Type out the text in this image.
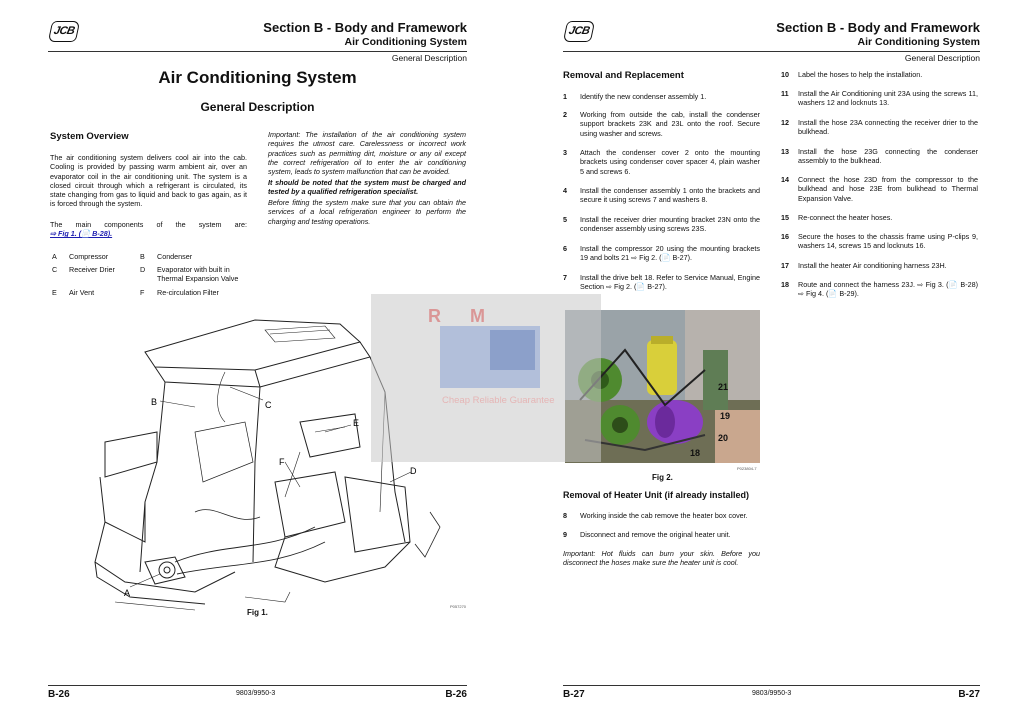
JCB	Section B - Body and Framework
Air Conditioning System
General Description
Air Conditioning System
General Description
System Overview
The air conditioning system delivers cool air into the cab. Cooling is provided by passing warm ambient air, over an evaporator coil in the air conditioning unit. The system is a closed circuit through which a refrigerant is circulated, its state changing from gas to liquid and back to gas again, as it is forced through the system.
The main components of the system are:
⇨ Fig 1. (📄 B-28).
A Compressor	B Condenser
C Receiver Drier	D Evaporator with built in Thermal Expansion Valve
E Air Vent	F Re-circulation Filter
Important: The installation of the air conditioning system requires the utmost care. Carelessness or incorrect work practices such as permitting dirt, moisture or any oil except the correct refrigeration oil to enter the air conditioning system, leads to system malfunction that can be avoided.
It should be noted that the system must be charged and tested by a qualified refrigeration specialist.
Before fitting the system make sure that you can obtain the services of a local refrigeration engineer to perform the charging and testing operations.
B	C
E
D
F
A
P057270
Fig 1.
B-26	9803/9950-3	B-26
JCB	Section B - Body and Framework
Air Conditioning System
General Description
Removal and Replacement
1 Identify the new condenser assembly 1.
2 Working from outside the cab, install the condenser support brackets 23K and 23L onto the roof. Secure using washer and screws.
3 Attach the condenser cover 2 onto the mounting brackets using condenser cover spacer 4, plain washer 5 and screws 6.
4 Install the condenser assembly 1 onto the brackets and secure it using screws 7 and washers 8.
5 Install the receiver drier mounting bracket 23N onto the condenser assembly using screws 23S.
6 Install the compressor 20 using the mounting brackets 19 and bolts 21 ⇨ Fig 2. (📄 B-27).
7 Install the drive belt 18. Refer to Service Manual, Engine Section ⇨ Fig 2. (📄 B-27).
10 Label the hoses to help the installation.
11 Install the Air Conditioning unit 23A using the screws 11, washers 12 and locknuts 13.
12 Install the hose 23A connecting the receiver drier to the bulkhead.
13 Install the hose 23G connecting the condenser assembly to the bulkhead.
14 Connect the hose 23D from the compressor to the bulkhead and hose 23E from bulkhead to Thermal Expansion Valve.
15 Re-connect the heater hoses.
16 Secure the hoses to the chassis frame using P-clips 9, washers 14, screws 15 and locknuts 16.
17 Install the heater Air conditioning harness 23H.
18 Route and connect the harness 23J. ⇨ Fig 3. (📄 B-28) ⇨ Fig 4. (📄 B-29).
P023804-7
Fig 2.
Removal of Heater Unit (if already installed)
8 Working inside the cab remove the heater box cover.
9 Disconnect and remove the original heater unit.
Important: Hot fluids can burn your skin. Before you disconnect the hoses make sure the heater unit is cool.
B-27	9803/9950-3	B-27
21
19
20
18
R M
Cheap Reliable Guarantee
